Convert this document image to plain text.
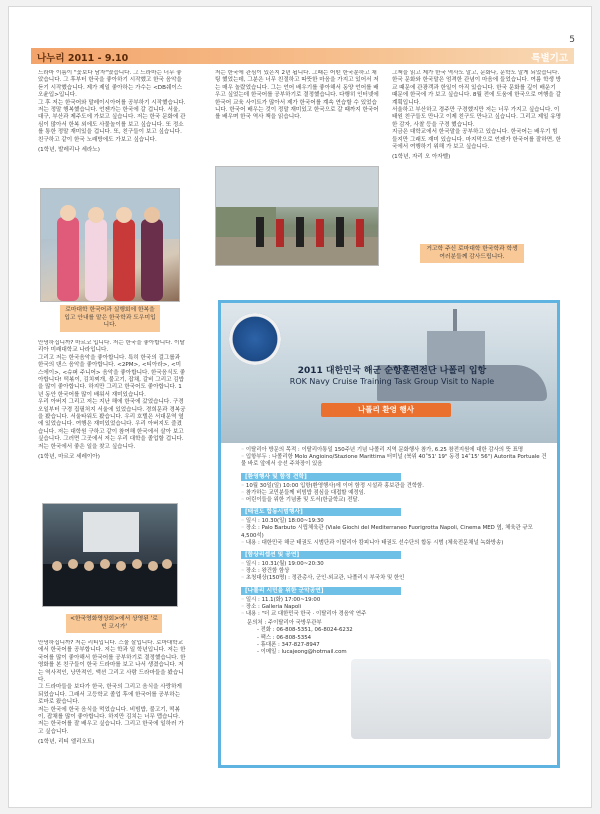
5
나누리 2011 - 9.10	특별기고
드라마 이름이 "꽃보다 남자"였습니다. 그 드라마는 너무 좋았습니다. 그 후부터 한국을 좋아하기 시작했고 한국 음악을 듣기 시작했습니다. 제가 제일 좋아하는 가수는 <DB쉐이스 오윤입>입니다.
그 후 저는 한국어와 말레이시아어를 공부하기 시작했습니다. 저는 정말 행복했습니다. 언젠가는 한국에 갈 겁니다. 서울, 대구, 부산과 제주도에 가보고 싶습니다. 저는 한국 문화에 관심이 많아서 한복 외에도 사물놀이를 보고 싶습니다. 또 정소를 통한 정말 재미있을 겁니다. 또, 친구들이 보고 싶습니다. 친구하고 같이 한국 노래방에도 가보고 싶습니다.
(1학년, 발레리나 세라노)
로마대학 한국어과 실행회에 한복을 입고 안내를 맡은 한국학과 도우미입니다.
안녕하십니까? 마르코 입니다. 저는 한국을 좋아합니다. 이탈리아 미래대학교 나라입니다.
그리고 저는 한국음악을 좋아합니다. 특히 한국의 걸그룹과 한국의 댄스 음악을 좋아합니다. <2PM>, <티아라>, <미스에이>, <슈퍼 주니어> 음악을 좋아합니다. 한국음식도 좋아합니다! 떡볶이, 김치찌개, 불고기, 잡채, 갈비 그리고 김밥을 많이 좋아합니다. 하지만 그리고 한국어도 좋아합니다. 1년 동안 한국어를 많이 배워서 재미있습니다.
우리 아버지 그리고 저는 지난 해에 한국에 갔었습니다. 구경 오일부터 구경 집필처지 서울에 있었습니다. 경희문과 경복궁을 봤습니다. 서울타워도 봤습니다. 우리 호텔은 서대문역 옆에 있었습니다. 여행은 재미있었습니다. 우리 아버지도 즐겼습니다. 저는 대학원 구하고 같이 참여해 한국에서 살아 보고 싶습니다. 그러면 그곳에서 저는 우리 대학을 졸업할 겁니다.
저는 한국에서 좋은 일을 찾고 싶습니다.
(1학년, 마르코 세레이아)
<한국영화영상회>에서 상영된 '로빈 코시가'
안녕하십니까? 저는 리티입니다. 스물 살입니다. 로마대학교에서 한국어를 공부합니다. 저는 학과 일 학년입니다. 저는 한국어를 많이 좋아해서 한국어를 공부하기로 결정했습니다. 한 영화를 본 친구들이 한국 드라마를 보고 나서 생겼습니다. 저는 역사적인, 낭만적인, 액션 그리고 사람 드라마들을 봤습니다.
그 드라마들을 보다가 한국, 한국의 그리고 음식을 사랑하게 되었습니다. 그래서 고등학교 졸업 후에 한국어를 공부하는 로마로 왔습니다.
저는 한국에 한국 음식을 먹었습니다. 비빔밥, 불고기, 떡볶이, 잡채를 많이 좋아합니다. 하지만 김치는 너무 맵습니다. 저는 한국어를 잘 배우고 싶습니다. 그리고 한국에 일하러 가고 싶습니다.
(1학년, 리티 엘리오트)
저는 한국에 관심이 있은지 2년 됩니다. 그때는 어떤 한국분하고 채팅 했었는데, 그분은 너무 친절하고 따뜻한 마음을 가지고 있어서 저는 매우 놀랐었습니다. 그는 언어 배우기를 좋아해서 동양 언어를 배우고 싶었는데 한국어를 공부하기로 결정했습니다. 다행히 인터넷에 한국어 교육 사이트가 많아서 제가 한국어를 계속 연습할 수 있었습니다. 한국어 배우는 것이 정말 재미있고 한국으로 갈 때까지 한국어를 배우며 한국 역사 책을 읽습니다.
그책을 읽고 제가 한국 역사도 알고, 문화나, 문학도 알게 되었습니다. 한국 문화와 한국말은 엄격한 관념이 마음에 들었습니다. 여름 학생 방교 때문에 관광객과 한일이 아직 있습니다. 한국 문화를 깊이 배운기 때문에 한국에 가 보고 싶습니다. 8월 전에 도움에 한국으로 여행을 갈 계획입니다.
서울하고 부산하고 경주만 구경했지만 저는 너무 가지고 싶습니다. 이태원 친구들도 만나고 이제 친구도 만나고 싶습니다. 그리고 제일 유명한 감자, 사찰 등을 구경 했습니다.
지금은 대학교에서 한국말을 공부하고 있습니다. 한국어는 배우기 힘들지만 그래도 재미 있습니다. 마지막으로 언젠가 한국어를 잘하면, 한국에서 여행하기 위해 가 보고 싶습니다.
(1학년, 자리 오 아자벨)
거고학 주신 로마대학 한국학과 학생 여러분들께 감사드립니다.
2011 대한민국 해군 순항훈련전단 나폴리 입항
ROK Navy Cruise Training Task Group Visit to Naple
나폴리 환영 행사
◦ 이탈리아 방문의 목적 : 이탈리아통일 150주년 기념 나폴리 지역 문화행사 참가, 6.25 참전지원에 대한 감사의 뜻 표명
◦ 입항부두 : 나폴리항 Molo Angioino/Stazione Marittima 터미널 (북위 40˚51' 19" 동경 14˚15' 56") Autorita Portuale 건물 바로 앞에서 승선 주차장이 있음
[환영행사 및 함정 견학]
◦ 10월 30일(일) 10:00 입항(환영행사)에 이어 함정 시설과 홍보관을 견학함.
◦ 참가하는 교민분들께 비빔밥 점심을 대접할 예정임.
◦ 어린이들을 위한 기념품 및 도서(한글학교) 전달.
[태권도 합동시범행사]
◦ 일시 : 10.30(일) 18:00~19:30
◦ 장소 : Palo Barbuto 시립체육관 (Viale Giochi del Mediterraneo Fuorigrotta Napoli, Cinema MED 옆, 체육관 규모 4,500석)
◦ 내용 : 대한민국 해군 태권도 시범단과 이탈리아 캄피니아 태권도 선수단의 합동 시범 (체육전문채널 녹화방송)
[함상리셉션 및 공연]
◦ 일시 : 10.31(월) 19:00~20:30
◦ 장소 : 왕건함 함상
◦ 초청대상(150명) : 정관총사, 군인·외교관, 나폴리시 부국차 및 한인
[나폴리 시민을 위한 군악공연]
◦ 일시 : 11.1(화) 17:00~19:00
◦ 장소 : Galleria Napoli
◦ 내용 : "더 교 대한민국 한국 · 이탈리아 경음악 연주
문의처 : 주이탈리아 국방무관부
- 전화 : 06-808-5351, 06-8024-6232
- 팩스 : 06-808-5354
- 휴대폰 : 347-827-8947
- 이메일 : lucajeong@hotmail.com
